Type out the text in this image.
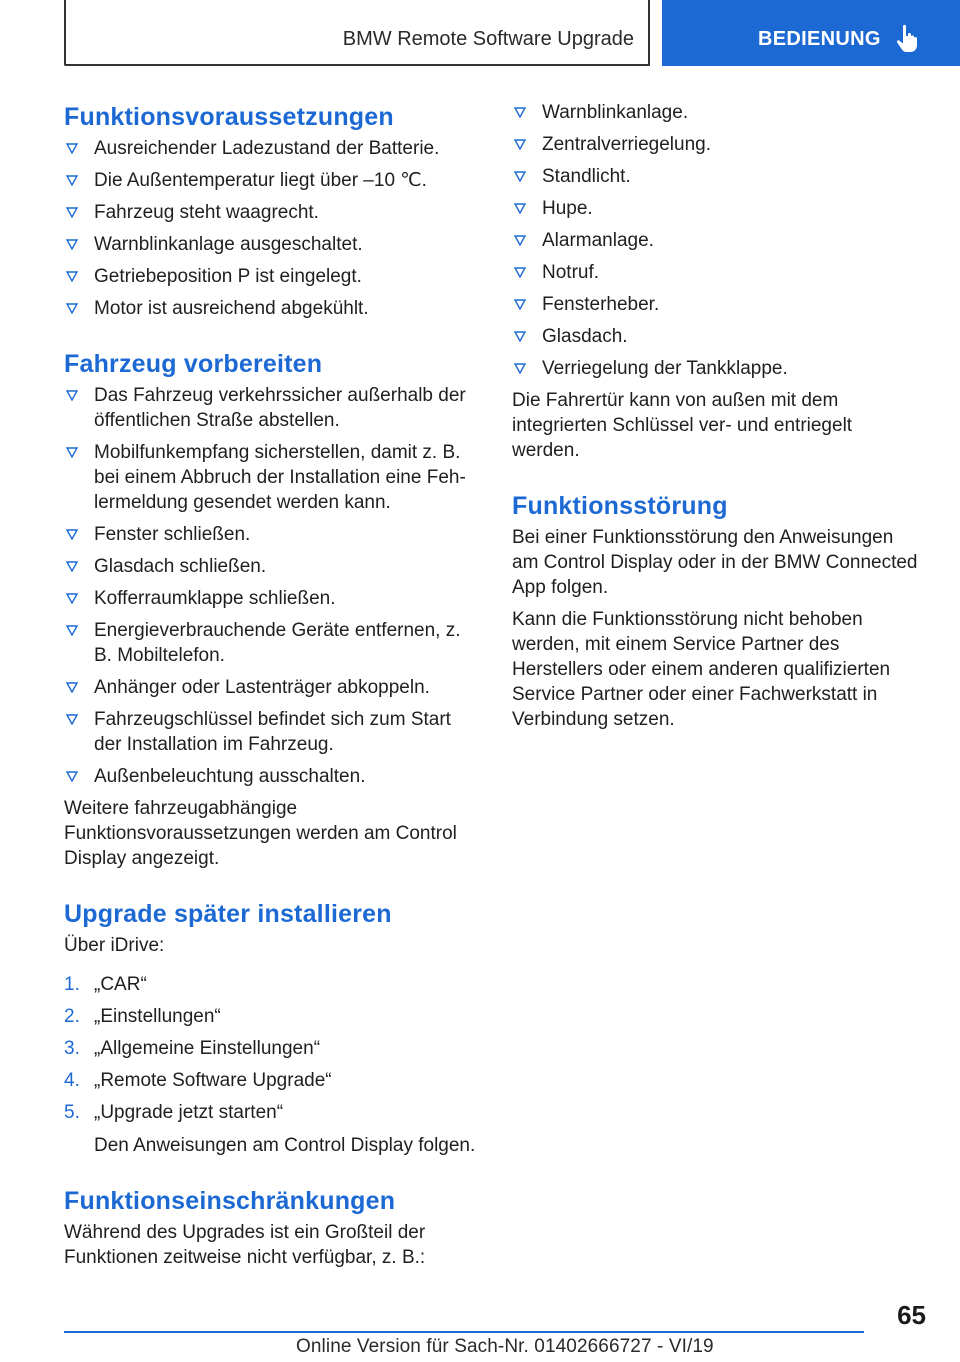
BMW Remote Software Upgrade	BEDIENUNG
Funktionsvoraussetzungen
Ausreichender Ladezustand der Batterie.
Die Außentemperatur liegt über –10 ℃.
Fahrzeug steht waagrecht.
Warnblinkanlage ausgeschaltet.
Getriebeposition P ist eingelegt.
Motor ist ausreichend abgekühlt.
Fahrzeug vorbereiten
Das Fahrzeug verkehrssicher außerhalb der öffentlichen Straße abstellen.
Mobilfunkempfang sicherstellen, damit z. B. bei einem Abbruch der Installation eine Fehlermeldung gesendet werden kann.
Fenster schließen.
Glasdach schließen.
Kofferraumklappe schließen.
Energieverbrauchende Geräte entfernen, z. B. Mobiltelefon.
Anhänger oder Lastenträger abkoppeln.
Fahrzeugschlüssel befindet sich zum Start der Installation im Fahrzeug.
Außenbeleuchtung ausschalten.

Weitere fahrzeugabhängige Funktionsvoraussetzungen werden am Control Display angezeigt.

Upgrade später installieren

Über iDrive:

1. „CAR“
2. „Einstellungen“
3. „Allgemeine Einstellungen“
4. „Remote Software Upgrade“
5. „Upgrade jetzt starten“
Den Anweisungen am Control Display folgen.
Funktionseinschränkungen

Während des Upgrades ist ein Großteil der Funktionen zeitweise nicht verfügbar, z. B.:

Warnblinkanlage.
Zentralverriegelung.
Standlicht.
Hupe.
Alarmanlage.
Notruf.
Fensterheber.
Glasdach.
Verriegelung der Tankklappe.

Die Fahrertür kann von außen mit dem integrierten Schlüssel ver- und entriegelt werden.

Funktionsstörung

Bei einer Funktionsstörung den Anweisungen am Control Display oder in der BMW Connected App folgen.

Kann die Funktionsstörung nicht behoben werden, mit einem Service Partner des Herstellers oder einem anderen qualifizierten Service Partner oder einer Fachwerkstatt in Verbindung setzen.

65
Online Version für Sach-Nr. 01402666727 - VI/19
